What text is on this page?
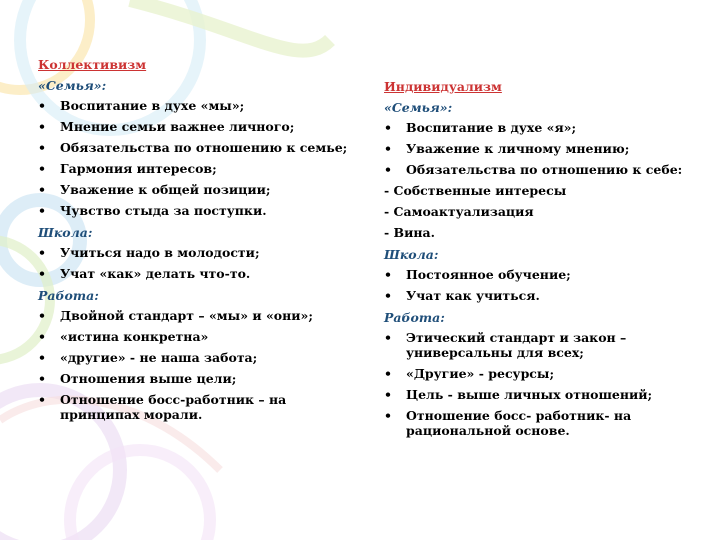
Коллективизм
«Семья»:
• Воспитание в духе «мы»;
• Мнение семьи важнее личного;
• Обязательства по отношению к семье;
• Гармония интересов;
• Уважение к общей позиции;
• Чувство стыда за поступки.
Школа:
• Учиться надо в молодости;
• Учат «как» делать что-то.
Работа:
• Двойной стандарт – «мы» и «они»;
• «истина конкретна»
• «другие» - не наша забота;
• Отношения выше цели;
• Отношение босс-работник – на принципах морали.
Индивидуализм
«Семья»:
• Воспитание в духе «я»;
• Уважение к личному мнению;
• Обязательства по отношению к себе:
- Собственные интересы
- Самоактуализация
- Вина.
Школа:
• Постоянное обучение;
• Учат как учиться.
Работа:
• Этический стандарт и закон – универсальны для всех;
• «Другие» - ресурсы;
• Цель - выше личных отношений;
• Отношение босс- работник- на рациональной основе.
